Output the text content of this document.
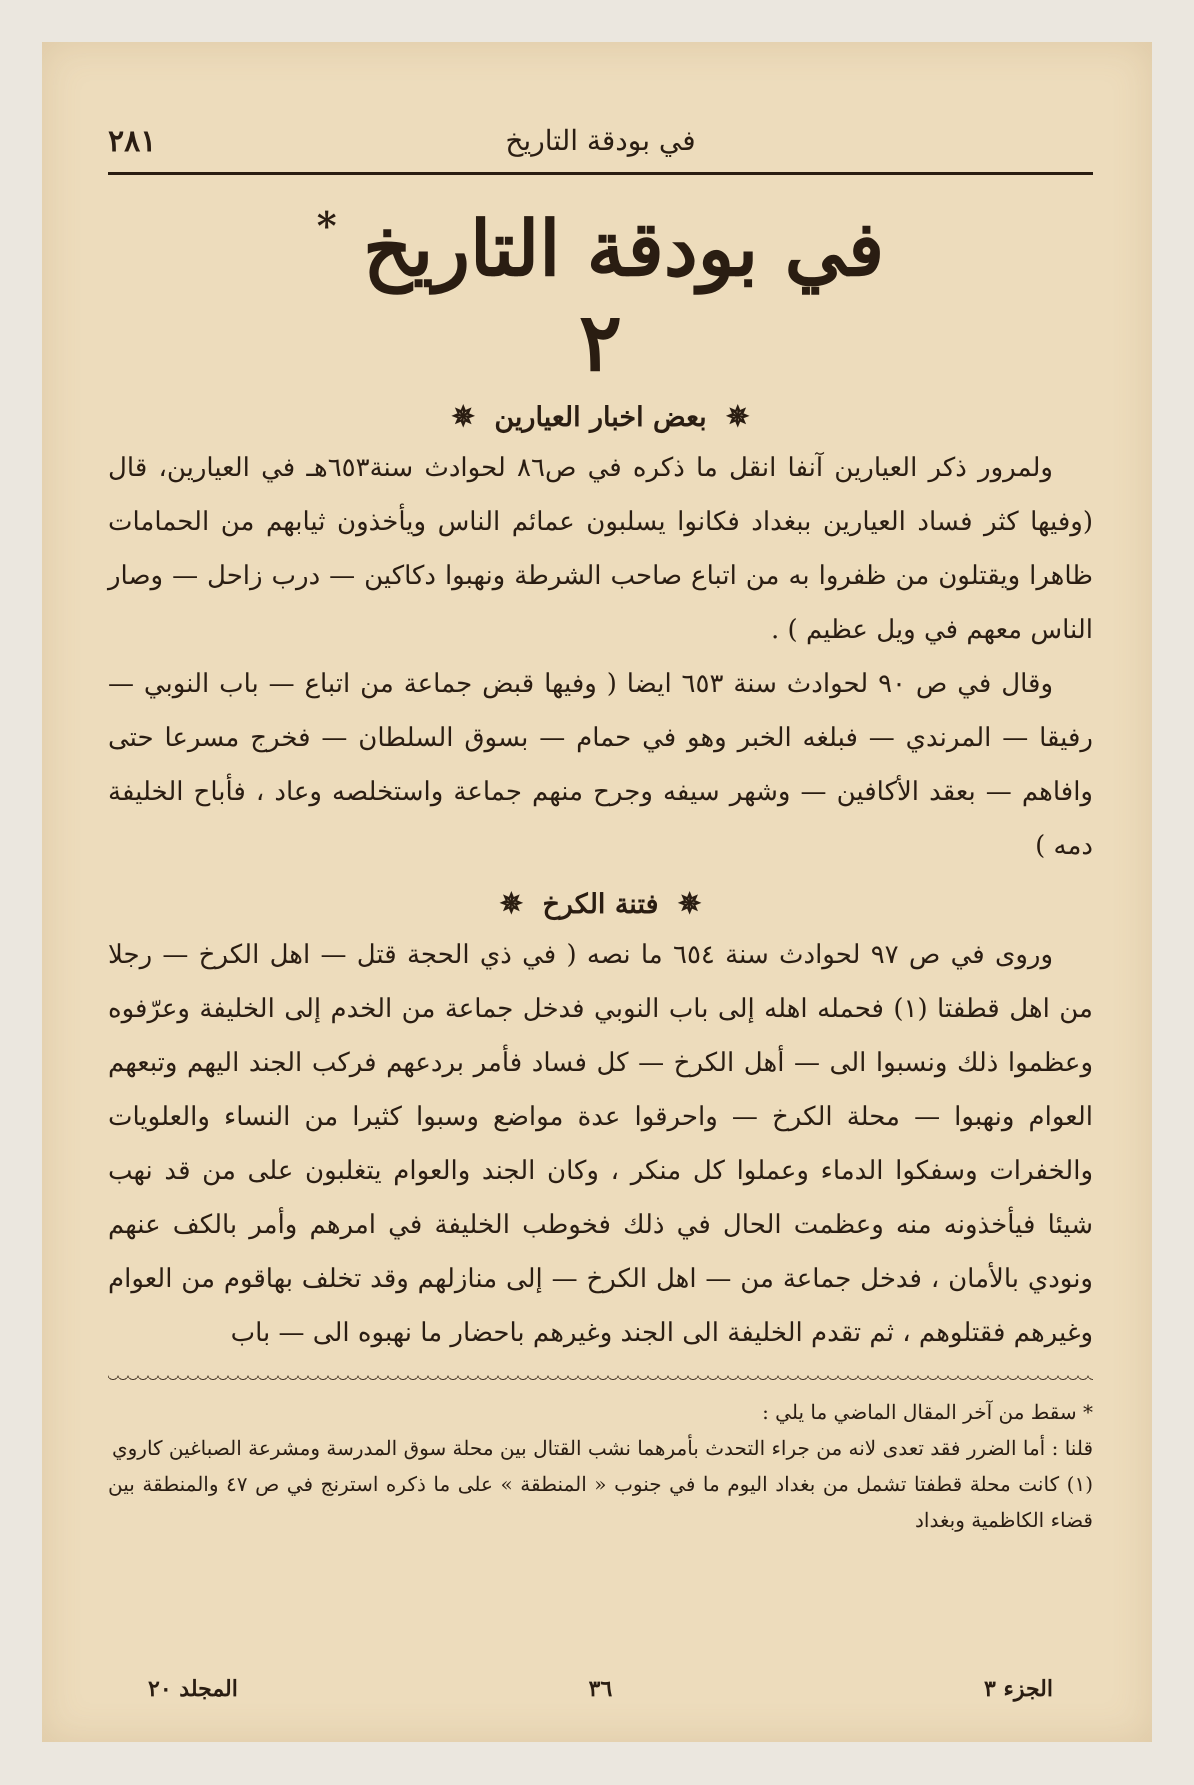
في بودقة التاريخ
٢٨١
في بودقة التاريخ *
٢
✵ بعض اخبار العيارين ✵

ولمرور ذكر العيارين آنفا انقل ما ذكره في ص٨٦ لحوادث سنة٦٥٣هـ في العيارين، قال (وفيها كثر فساد العيارين ببغداد فكانوا يسلبون عمائم الناس ويأخذون ثيابهم من الحمامات ظاهرا ويقتلون من ظفروا به من اتباع صاحب الشرطة ونهبوا دكاكين — درب زاحل — وصار الناس معهم في ويل عظيم ) .

وقال في ص ٩٠ لحوادث سنة ٦٥٣ ايضا ( وفيها قبض جماعة من اتباع — باب النوبي — رفيقا — المرندي — فبلغه الخبر وهو في حمام — بسوق السلطان — فخرج مسرعا حتى وافاهم — بعقد الأكافين — وشهر سيفه وجرح منهم جماعة واستخلصه وعاد ، فأباح الخليفة دمه )

✵ فتنة الكرخ ✵

وروى في ص ٩٧ لحوادث سنة ٦٥٤ ما نصه ( في ذي الحجة قتل — اهل الكرخ — رجلا من اهل قطفتا (١) فحمله اهله إلى باب النوبي فدخل جماعة من الخدم إلى الخليفة وعرّفوه وعظموا ذلك ونسبوا الى — أهل الكرخ — كل فساد فأمر بردعهم فركب الجند اليهم وتبعهم العوام ونهبوا — محلة الكرخ — واحرقوا عدة مواضع وسبوا كثيرا من النساء والعلويات والخفرات وسفكوا الدماء وعملوا كل منكر ، وكان الجند والعوام يتغلبون على من قد نهب شيئا فيأخذونه منه وعظمت الحال في ذلك فخوطب الخليفة في امرهم وأمر بالكف عنهم ونودي بالأمان ، فدخل جماعة من — اهل الكرخ — إلى منازلهم وقد تخلف بهاقوم من العوام وغيرهم فقتلوهم ، ثم تقدم الخليفة الى الجند وغيرهم باحضار ما نهبوه الى — باب

* سقط من آخر المقال الماضي ما يلي :

قلنا : أما الضرر فقد تعدى لانه من جراء التحدث بأمرهما نشب القتال بين محلة سوق المدرسة ومشرعة الصباغين كاروي

(١) كانت محلة قطفتا تشمل من بغداد اليوم ما في جنوب « المنطقة » على ما ذكره استرنج في ص ٤٧ والمنطقة بين قضاء الكاظمية وبغداد

الجزء ٣
٣٦
المجلد ٢٠
